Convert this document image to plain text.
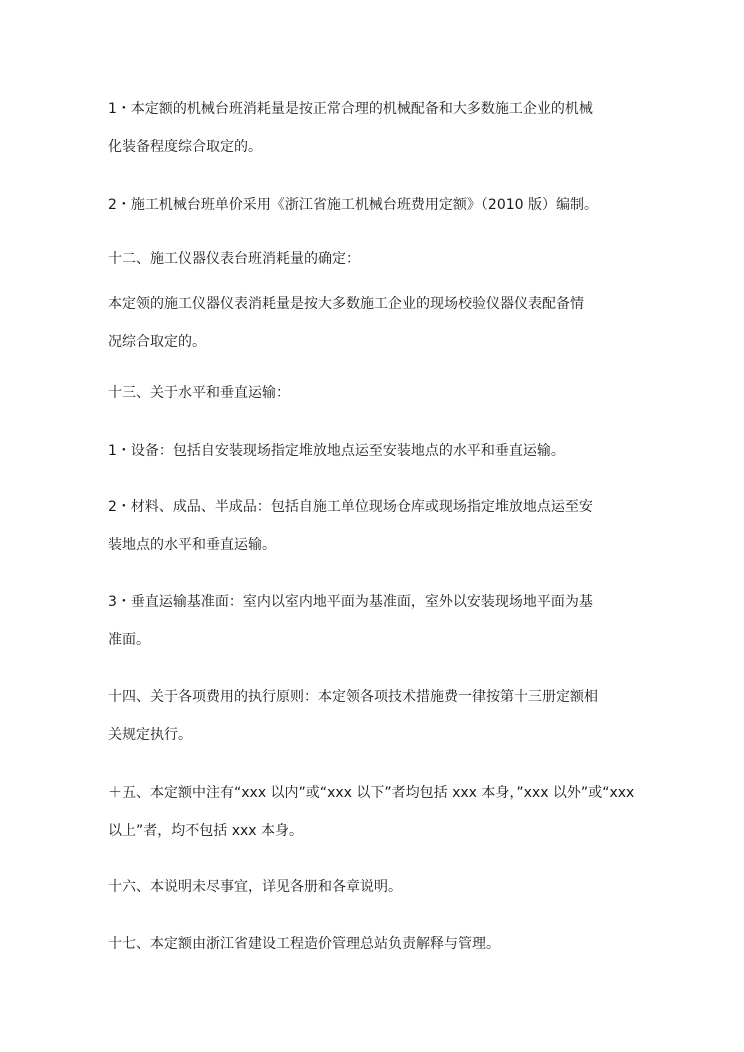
1・本定额的机械台班消耗量是按正常合理的机械配备和大多数施工企业的机械
化装备程度综合取定的。

2・施工机械台班单价采用《浙江省施工机械台班费用定额》（2010 版）编制。

十二、施工仪器仪表台班消耗量的确定：

本定领的施工仪器仪表消耗量是按大多数施工企业的现场校验仪器仪表配备情
况综合取定的。

十三、关于水平和垂直运输：

1・设备：包括自安装现场指定堆放地点运至安装地点的水平和垂直运输。

2・材料、成品、半成品：包括自施工单位现场仓库或现场指定堆放地点运至安
装地点的水平和垂直运输。

3・垂直运输基准面：室内以室内地平面为基准面，室外以安装现场地平面为基
准面。

十四、关于各项费用的执行原则：本定领各项技术措施费一律按第十三册定额相
关规定执行。

＋五、本定额中注有“xxx 以内”或“xxx 以下”者均包括 xxx 本身，”xxx 以外”或“xxx
以上”者，均不包括 xxx 本身。

十六、本说明未尽事宜，详见各册和各章说明。

十七、本定额由浙江省建设工程造价管理总站负责解释与管理。
